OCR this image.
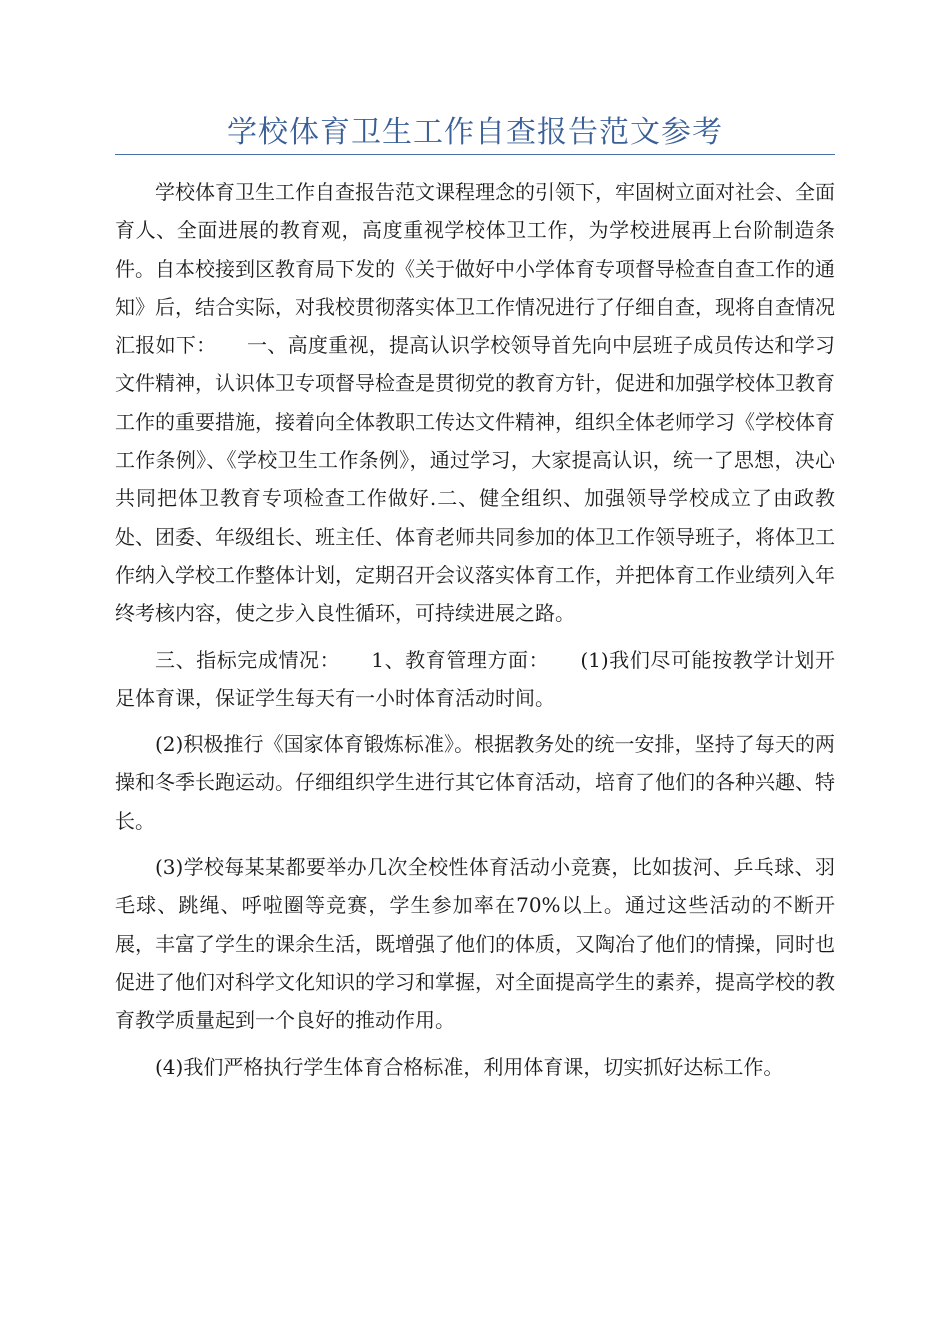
学校体育卫生工作自查报告范文参考

学校体育卫生工作自查报告范文课程理念的引领下，牢固树立面对社会、全面育人、全面进展的教育观，高度重视学校体卫工作，为学校进展再上台阶制造条件。自本校接到区教育局下发的《关于做好中小学体育专项督导检查自查工作的通知》后，结合实际，对我校贯彻落实体卫工作情况进行了仔细自查，现将自查情况汇报如下：　　一、高度重视，提高认识学校领导首先向中层班子成员传达和学习文件精神，认识体卫专项督导检查是贯彻党的教育方针，促进和加强学校体卫教育工作的重要措施，接着向全体教职工传达文件精神，组织全体老师学习《学校体育工作条例》、《学校卫生工作条例》，通过学习，大家提高认识，统一了思想，决心共同把体卫教育专项检查工作做好.二、健全组织、加强领导学校成立了由政教处、团委、年级组长、班主任、体育老师共同参加的体卫工作领导班子，将体卫工作纳入学校工作整体计划，定期召开会议落实体育工作，并把体育工作业绩列入年终考核内容，使之步入良性循环，可持续进展之路。

三、指标完成情况：　　1、教育管理方面：　　(1)我们尽可能按教学计划开足体育课，保证学生每天有一小时体育活动时间。

(2)积极推行《国家体育锻炼标准》。根据教务处的统一安排，坚持了每天的两操和冬季长跑运动。仔细组织学生进行其它体育活动，培育了他们的各种兴趣、特长。

(3)学校每某某都要举办几次全校性体育活动小竞赛，比如拔河、乒乓球、羽毛球、跳绳、呼啦圈等竞赛，学生参加率在70%以上。通过这些活动的不断开展，丰富了学生的课余生活，既增强了他们的体质，又陶冶了他们的情操，同时也促进了他们对科学文化知识的学习和掌握，对全面提高学生的素养，提高学校的教育教学质量起到一个良好的推动作用。

(4)我们严格执行学生体育合格标准，利用体育课，切实抓好达标工作。
